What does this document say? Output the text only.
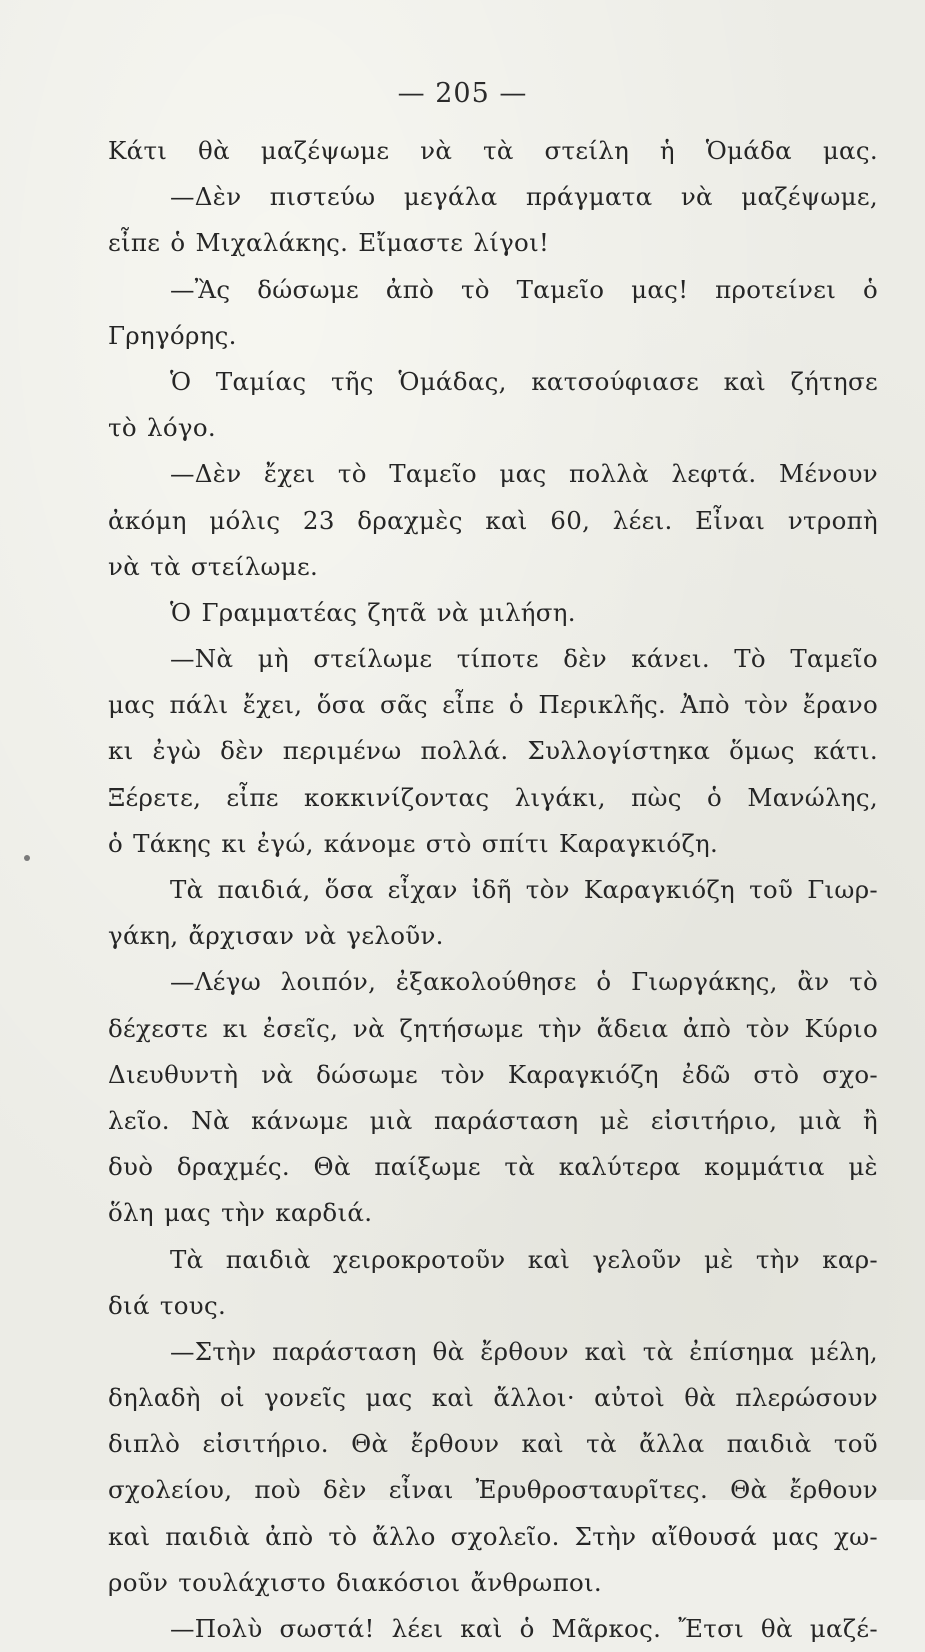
— 205 —
Κάτι θὰ μαζέψωμε νὰ τὰ στείλη ἡ Ὁμάδα μας.
—Δὲν πιστεύω μεγάλα πράγματα νὰ μαζέψωμε,
εἶπε ὁ Μιχαλάκης. Εἴμαστε λίγοι!
—Ἂς δώσωμε ἀπὸ τὸ Ταμεῖο μας! προτείνει ὁ
Γρηγόρης.
Ὁ Ταμίας τῆς Ὁμάδας, κατσούφιασε καὶ ζήτησε
τὸ λόγο.
—Δὲν ἔχει τὸ Ταμεῖο μας πολλὰ λεφτά. Μένουν
ἀκόμη μόλις 23 δραχμὲς καὶ 60, λέει. Εἶναι ντροπὴ
νὰ τὰ στείλωμε.
Ὁ Γραμματέας ζητᾶ νὰ μιλήση.
—Νὰ μὴ στείλωμε τίποτε δὲν κάνει. Τὸ Ταμεῖο
μας πάλι ἔχει, ὅσα σᾶς εἶπε ὁ Περικλῆς. Ἀπὸ τὸν ἔρανο
κι ἐγὼ δὲν περιμένω πολλά. Συλλογίστηκα ὅμως κάτι.
Ξέρετε, εἶπε κοκκινίζοντας λιγάκι, πὼς ὁ Μανώλης,
ὁ Τάκης κι ἐγώ, κάνομε στὸ σπίτι Καραγκιόζη.
Τὰ παιδιά, ὅσα εἶχαν ἰδῆ τὸν Καραγκιόζη τοῦ Γιωρ-
γάκη, ἄρχισαν νὰ γελοῦν.
—Λέγω λοιπόν, ἐξακολούθησε ὁ Γιωργάκης, ἂν τὸ
δέχεστε κι ἐσεῖς, νὰ ζητήσωμε τὴν ἄδεια ἀπὸ τὸν Κύριο
Διευθυντὴ νὰ δώσωμε τὸν Καραγκιόζη ἐδῶ στὸ σχο-
λεῖο. Νὰ κάνωμε μιὰ παράσταση μὲ εἰσιτήριο, μιὰ ἢ
δυὸ δραχμές. Θὰ παίξωμε τὰ καλύτερα κομμάτια μὲ
ὅλη μας τὴν καρδιά.
Τὰ παιδιὰ χειροκροτοῦν καὶ γελοῦν μὲ τὴν καρ-
διά τους.
—Στὴν παράσταση θὰ ἔρθουν καὶ τὰ ἐπίσημα μέλη,
δηλαδὴ οἱ γονεῖς μας καὶ ἄλλοι· αὐτοὶ θὰ πλερώσουν
διπλὸ εἰσιτήριο. Θὰ ἔρθουν καὶ τὰ ἄλλα παιδιὰ τοῦ
σχολείου, ποὺ δὲν εἶναι Ἐρυθροσταυρῖτες. Θὰ ἔρθουν
καὶ παιδιὰ ἀπὸ τὸ ἄλλο σχολεῖο. Στὴν αἴθουσά μας χω-
ροῦν τουλάχιστο διακόσιοι ἄνθρωποι.
—Πολὺ σωστά! λέει καὶ ὁ Μᾶρκος. Ἔτσι θὰ μαζέ-
